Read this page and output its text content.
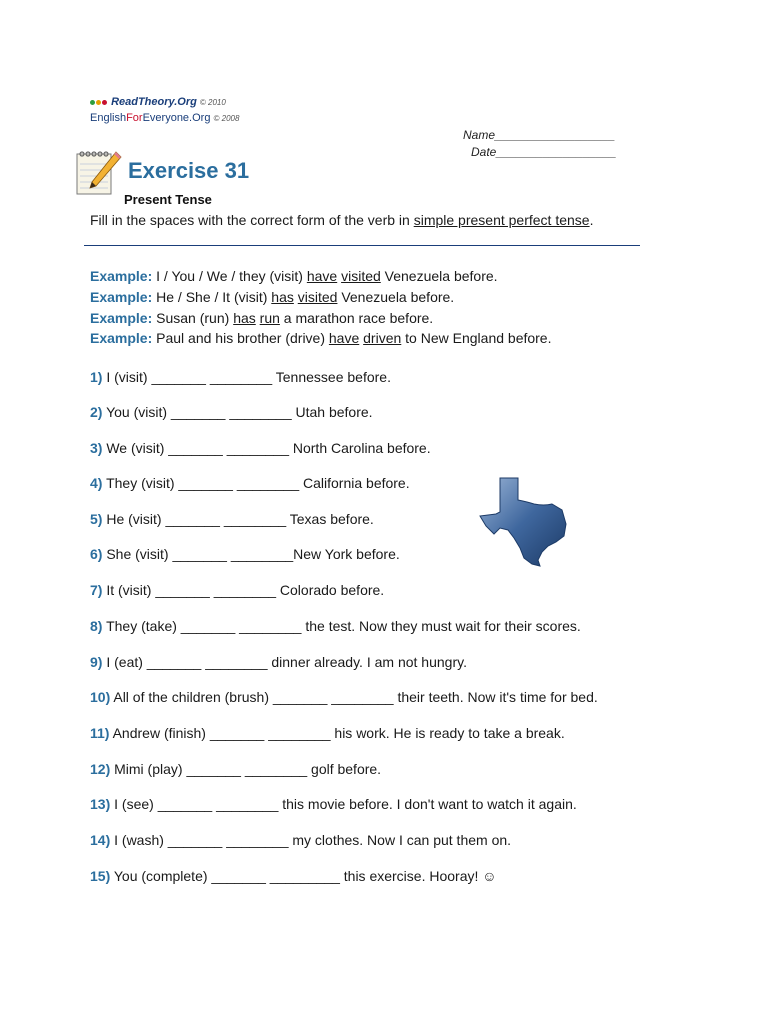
ReadTheory.Org © 2010
EnglishForEveryone.Org © 2008
Name__________________
Date__________________
Exercise 31
Present Tense
Fill in the spaces with the correct form of the verb in simple present perfect tense.
Example: I / You / We / they (visit) have visited Venezuela before.
Example: He / She / It (visit) has visited Venezuela before.
Example: Susan (run) has run a marathon race before.
Example: Paul and his brother (drive) have driven to New England before.
1) I (visit) _______ ________ Tennessee before.
2) You (visit) _______ ________ Utah before.
3) We (visit) _______ ________ North Carolina before.
4) They (visit) _______ ________ California before.
5) He (visit) _______ ________ Texas before.
6) She (visit) _______ ________New York before.
7) It (visit) _______ ________ Colorado before.
8) They (take) _______ ________ the test. Now they must wait for their scores.
9) I (eat) _______ ________ dinner already. I am not hungry.
10) All of the children (brush) _______ ________ their teeth. Now it's time for bed.
11) Andrew (finish) _______ ________ his work. He is ready to take a break.
12) Mimi (play) _______ ________ golf before.
13) I (see) _______ ________ this movie before. I don't want to watch it again.
14) I (wash) _______ ________ my clothes. Now I can put them on.
15) You (complete) _______ _________ this exercise. Hooray! ☺
